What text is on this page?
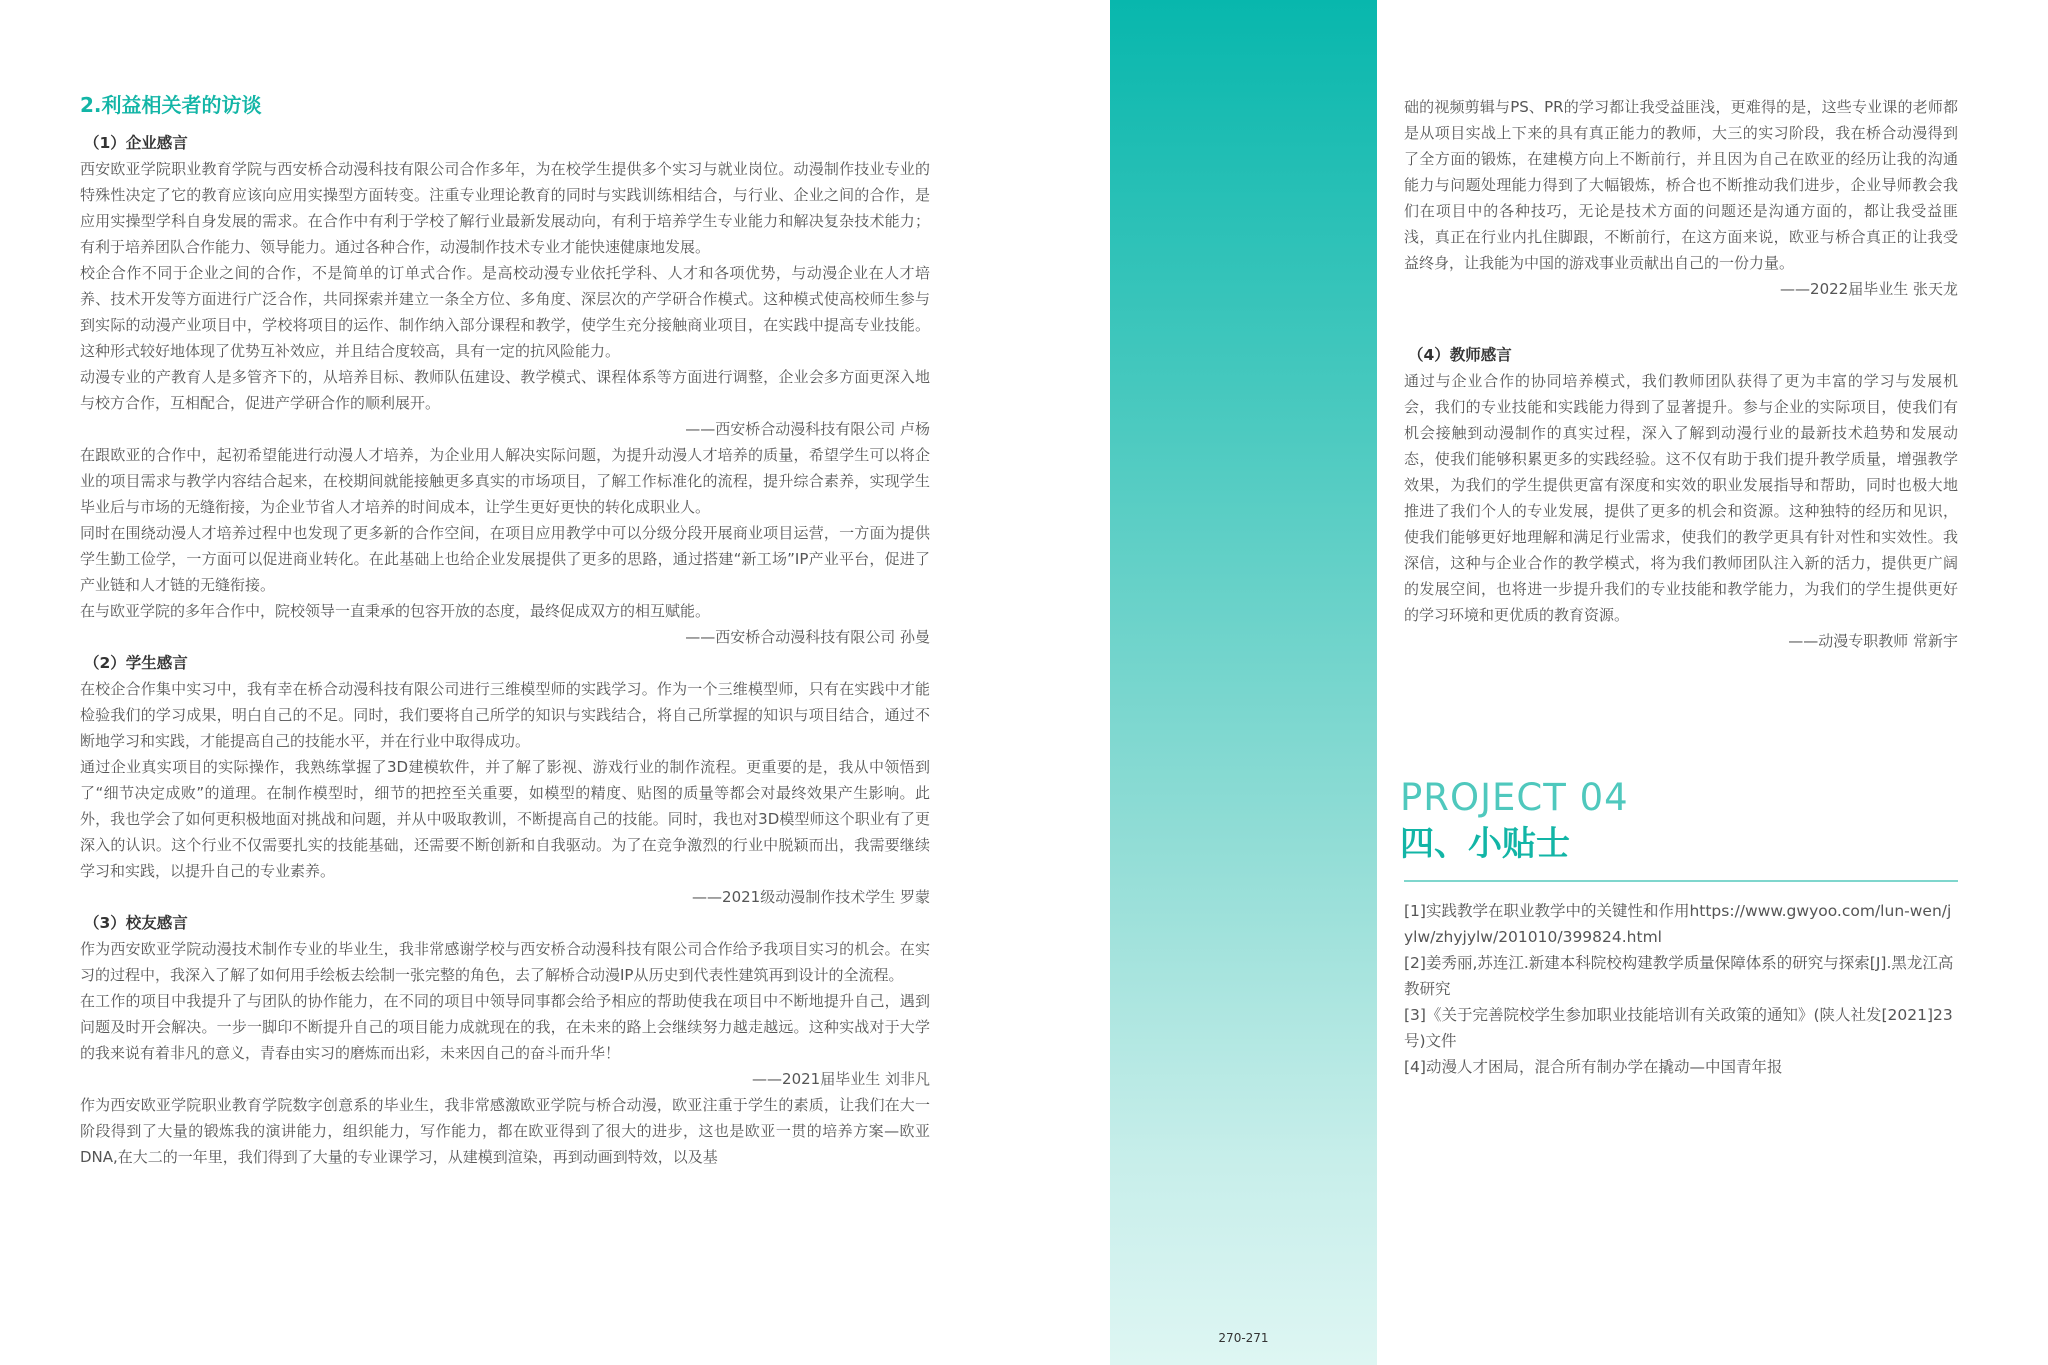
270-271

2.利益相关者的访谈

（1）企业感言

西安欧亚学院职业教育学院与西安桥合动漫科技有限公司合作多年，为在校学生提供多个实习与就业岗位。动漫制作技业专业的特殊性决定了它的教育应该向应用实操型方面转变。注重专业理论教育的同时与实践训练相结合，与行业、企业之间的合作，是应用实操型学科自身发展的需求。在合作中有利于学校了解行业最新发展动向，有利于培养学生专业能力和解决复杂技术能力；有利于培养团队合作能力、领导能力。通过各种合作，动漫制作技术专业才能快速健康地发展。

校企合作不同于企业之间的合作，不是简单的订单式合作。是高校动漫专业依托学科、人才和各项优势，与动漫企业在人才培养、技术开发等方面进行广泛合作，共同探索并建立一条全方位、多角度、深层次的产学研合作模式。这种模式使高校师生参与到实际的动漫产业项目中，学校将项目的运作、制作纳入部分课程和教学，使学生充分接触商业项目，在实践中提高专业技能。这种形式较好地体现了优势互补效应，并且结合度较高，具有一定的抗风险能力。

动漫专业的产教育人是多管齐下的，从培养目标、教师队伍建设、教学模式、课程体系等方面进行调整，企业会多方面更深入地与校方合作，互相配合，促进产学研合作的顺利展开。

——西安桥合动漫科技有限公司 卢杨

在跟欧亚的合作中，起初希望能进行动漫人才培养，为企业用人解决实际问题，为提升动漫人才培养的质量，希望学生可以将企业的项目需求与教学内容结合起来，在校期间就能接触更多真实的市场项目，了解工作标准化的流程，提升综合素养，实现学生毕业后与市场的无缝衔接，为企业节省人才培养的时间成本，让学生更好更快的转化成职业人。

同时在围绕动漫人才培养过程中也发现了更多新的合作空间，在项目应用教学中可以分级分段开展商业项目运营，一方面为提供学生勤工俭学，一方面可以促进商业转化。在此基础上也给企业发展提供了更多的思路，通过搭建“新工场”IP产业平台，促进了产业链和人才链的无缝衔接。

在与欧亚学院的多年合作中，院校领导一直秉承的包容开放的态度，最终促成双方的相互赋能。

——西安桥合动漫科技有限公司 孙曼

（2）学生感言

在校企合作集中实习中，我有幸在桥合动漫科技有限公司进行三维模型师的实践学习。作为一个三维模型师，只有在实践中才能检验我们的学习成果，明白自己的不足。同时，我们要将自己所学的知识与实践结合，将自己所掌握的知识与项目结合，通过不断地学习和实践，才能提高自己的技能水平，并在行业中取得成功。

通过企业真实项目的实际操作，我熟练掌握了3D建模软件，并了解了影视、游戏行业的制作流程。更重要的是，我从中领悟到了“细节决定成败”的道理。在制作模型时，细节的把控至关重要，如模型的精度、贴图的质量等都会对最终效果产生影响。此外，我也学会了如何更积极地面对挑战和问题，并从中吸取教训，不断提高自己的技能。同时，我也对3D模型师这个职业有了更深入的认识。这个行业不仅需要扎实的技能基础，还需要不断创新和自我驱动。为了在竞争激烈的行业中脱颖而出，我需要继续学习和实践，以提升自己的专业素养。

——2021级动漫制作技术学生 罗蒙

（3）校友感言

作为西安欧亚学院动漫技术制作专业的毕业生，我非常感谢学校与西安桥合动漫科技有限公司合作给予我项目实习的机会。在实习的过程中，我深入了解了如何用手绘板去绘制一张完整的角色，去了解桥合动漫IP从历史到代表性建筑再到设计的全流程。

在工作的项目中我提升了与团队的协作能力，在不同的项目中领导同事都会给予相应的帮助使我在项目中不断地提升自己，遇到问题及时开会解决。一步一脚印不断提升自己的项目能力成就现在的我，在未来的路上会继续努力越走越远。这种实战对于大学的我来说有着非凡的意义，青春由实习的磨炼而出彩，未来因自己的奋斗而升华！

——2021届毕业生 刘非凡

作为西安欧亚学院职业教育学院数字创意系的毕业生，我非常感激欧亚学院与桥合动漫，欧亚注重于学生的素质，让我们在大一阶段得到了大量的锻炼我的演讲能力，组织能力，写作能力，都在欧亚得到了很大的进步，这也是欧亚一贯的培养方案—欧亚DNA,在大二的一年里，我们得到了大量的专业课学习，从建模到渲染，再到动画到特效，以及基

础的视频剪辑与PS、PR的学习都让我受益匪浅，更难得的是，这些专业课的老师都是从项目实战上下来的具有真正能力的教师，大三的实习阶段，我在桥合动漫得到了全方面的锻炼，在建模方向上不断前行，并且因为自己在欧亚的经历让我的沟通能力与问题处理能力得到了大幅锻炼，桥合也不断推动我们进步，企业导师教会我们在项目中的各种技巧，无论是技术方面的问题还是沟通方面的，都让我受益匪浅，真正在行业内扎住脚跟，不断前行，在这方面来说，欧亚与桥合真正的让我受益终身，让我能为中国的游戏事业贡献出自己的一份力量。

——2022届毕业生 张天龙

（4）教师感言

通过与企业合作的协同培养模式，我们教师团队获得了更为丰富的学习与发展机会，我们的专业技能和实践能力得到了显著提升。参与企业的实际项目，使我们有机会接触到动漫制作的真实过程，深入了解到动漫行业的最新技术趋势和发展动态，使我们能够积累更多的实践经验。这不仅有助于我们提升教学质量，增强教学效果，为我们的学生提供更富有深度和实效的职业发展指导和帮助，同时也极大地推进了我们个人的专业发展，提供了更多的机会和资源。这种独特的经历和见识，使我们能够更好地理解和满足行业需求，使我们的教学更具有针对性和实效性。我深信，这种与企业合作的教学模式，将为我们教师团队注入新的活力，提供更广阔的发展空间，也将进一步提升我们的专业技能和教学能力，为我们的学生提供更好的学习环境和更优质的教育资源。

——动漫专职教师 常新宇

PROJECT 04
四、小贴士

[1]实践教学在职业教学中的关键性和作用https://www.gwyoo.com/lun-wen/jylw/zhyjylw/201010/399824.html

[2]姜秀丽,苏连江.新建本科院校构建教学质量保障体系的研究与探索[J].黑龙江高教研究

[3]《关于完善院校学生参加职业技能培训有关政策的通知》(陕人社发[2021]23 号)文件

[4]动漫人才困局，混合所有制办学在撬动—中国青年报
